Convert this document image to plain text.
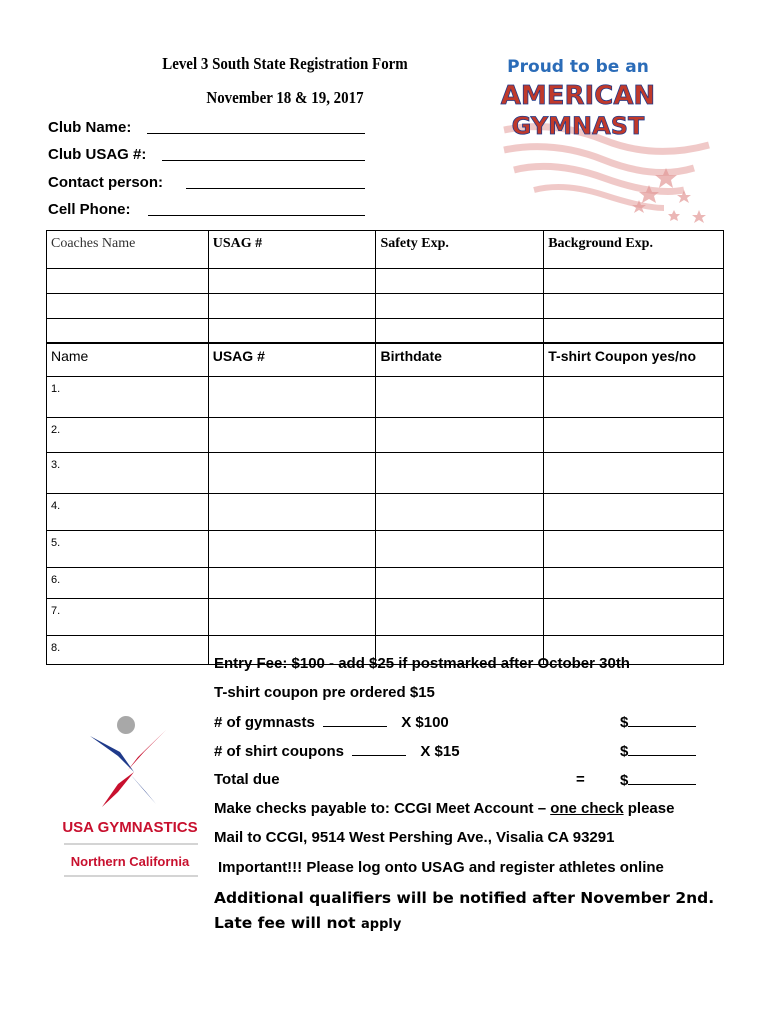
Level 3 South State Registration Form
November 18 & 19, 2017
Proud to be an
AMERICAN
GYMNAST
Club Name:
Club USAG #:
Contact person:
Cell Phone:
Coaches Name	USAG #	Safety Exp.	Background Exp.

Name	USAG #	Birthdate	T-shirt Coupon yes/no
1.			
2.			
3.			
4.			
5.			
6.			
7.			
8.			
USA GYMNASTICS
Northern California
Entry Fee: $100 - add $25 if postmarked after October 30th
T-shirt coupon pre ordered $15
# of gymnasts	X $100	$
# of shirt coupons	X $15	$
Total due	= $
Make checks payable to: CCGI Meet Account – one check please
Mail to CCGI, 9514 West Pershing Ave., Visalia CA 93291
Important!!! Please log onto USAG and register athletes online
Additional qualifiers will be notified after November 2nd. Late fee will not apply
